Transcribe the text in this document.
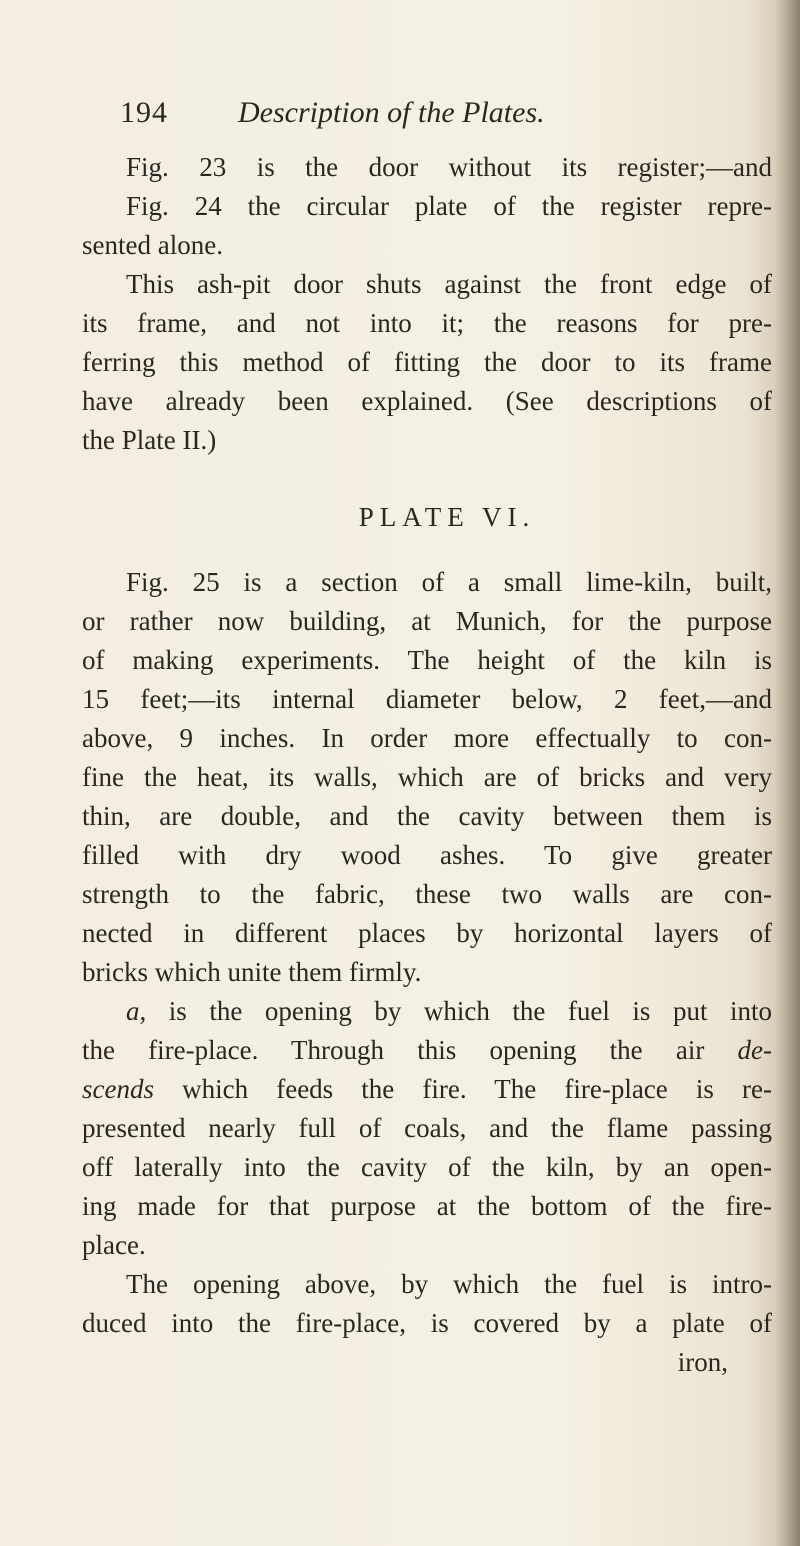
194 Description of the Plates.
Fig. 23 is the door without its register;—and
Fig. 24 the circular plate of the register repre-
sented alone.
This ash-pit door shuts against the front edge of
its frame, and not into it; the reasons for pre-
ferring this method of fitting the door to its frame
have already been explained. (See descriptions of
the Plate II.)
PLATE VI.
Fig. 25 is a section of a small lime-kiln, built,
or rather now building, at Munich, for the purpose
of making experiments. The height of the kiln is
15 feet;—its internal diameter below, 2 feet,—and
above, 9 inches. In order more effectually to con-
fine the heat, its walls, which are of bricks and very
thin, are double, and the cavity between them is
filled with dry wood ashes. To give greater
strength to the fabric, these two walls are con-
nected in different places by horizontal layers of
bricks which unite them firmly.
a, is the opening by which the fuel is put into
the fire-place. Through this opening the air de-
scends which feeds the fire. The fire-place is re-
presented nearly full of coals, and the flame passing
off laterally into the cavity of the kiln, by an open-
ing made for that purpose at the bottom of the fire-
place.
The opening above, by which the fuel is intro-
duced into the fire-place, is covered by a plate of
iron,
